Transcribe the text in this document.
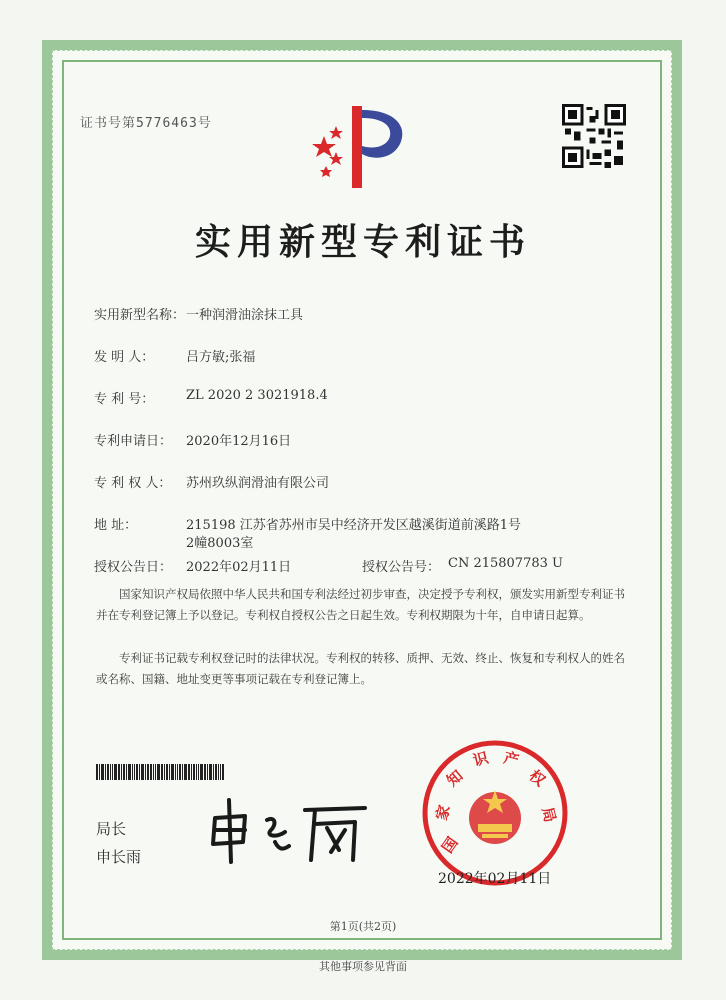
证书号第5776463号
实用新型专利证书
实用新型名称： 一种润滑油涂抹工具
发 明 人：	吕方敏;张福
专 利 号：	ZL 2020 2 3021918.4
专利申请日：	2020年12月16日
专 利 权 人：	苏州玖纵润滑油有限公司
地 址：	215198 江苏省苏州市吴中经济开发区越溪街道前溪路1号
2幢8003室
授权公告日：	2022年02月11日	授权公告号： CN 215807783 U
国家知识产权局依照中华人民共和国专利法经过初步审查，决定授予专利权，颁发实用新型专利证书并在专利登记簿上予以登记。专利权自授权公告之日起生效。专利权期限为十年，自申请日起算。
专利证书记载专利权登记时的法律状况。专利权的转移、质押、无效、终止、恢复和专利权人的姓名或名称、国籍、地址变更等事项记载在专利登记簿上。
局长
申长雨
国
家
知
识 产
权
局
2022年02月11日
第1页(共2页)
其他事项参见背面
